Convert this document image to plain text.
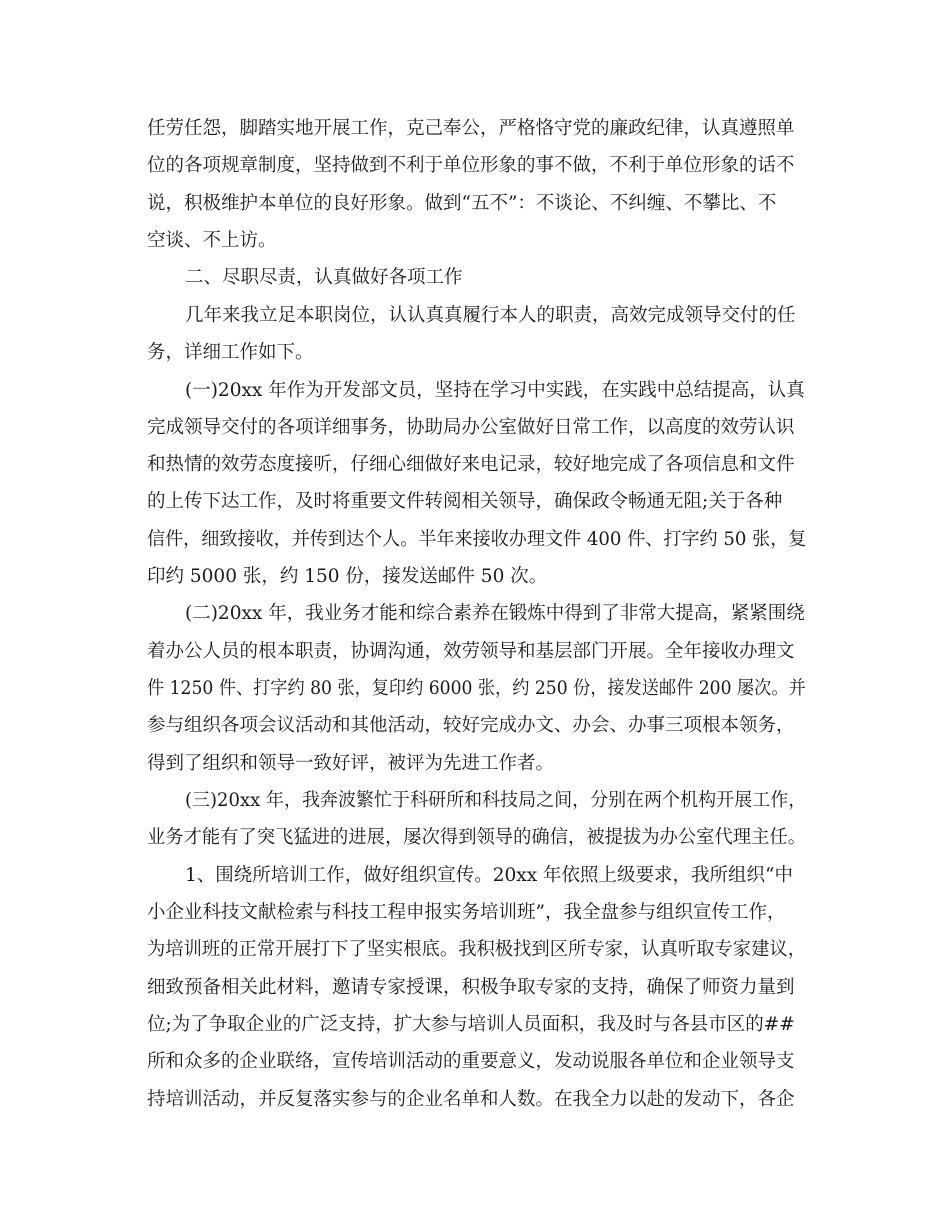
任劳任怨，脚踏实地开展工作，克己奉公，严格恪守党的廉政纪律，认真遵照单
位的各项规章制度，坚持做到不利于单位形象的事不做，不利于单位形象的话不
说，积极维护本单位的良好形象。做到“五不”：不谈论、不纠缠、不攀比、不
空谈、不上访。
二、尽职尽责，认真做好各项工作
几年来我立足本职岗位，认认真真履行本人的职责，高效完成领导交付的任
务，详细工作如下。
(一)20xx 年作为开发部文员，坚持在学习中实践，在实践中总结提高，认真
完成领导交付的各项详细事务，协助局办公室做好日常工作，以高度的效劳认识
和热情的效劳态度接听，仔细心细做好来电记录，较好地完成了各项信息和文件
的上传下达工作，及时将重要文件转阅相关领导，确保政令畅通无阻;关于各种
信件，细致接收，并传到达个人。半年来接收办理文件 400 件、打字约 50 张，复
印约 5000 张，约 150 份，接发送邮件 50 次。
(二)20xx 年，我业务才能和综合素养在锻炼中得到了非常大提高，紧紧围绕
着办公人员的根本职责，协调沟通，效劳领导和基层部门开展。全年接收办理文
件 1250 件、打字约 80 张，复印约 6000 张，约 250 份，接发送邮件 200 屡次。并
参与组织各项会议活动和其他活动，较好完成办文、办会、办事三项根本领务，
得到了组织和领导一致好评，被评为先进工作者。
(三)20xx 年，我奔波繁忙于科研所和科技局之间，分别在两个机构开展工作，
业务才能有了突飞猛进的进展，屡次得到领导的确信，被提拔为办公室代理主任。
1、围绕所培训工作，做好组织宣传。20xx 年依照上级要求，我所组织“中
小企业科技文献检索与科技工程申报实务培训班”，我全盘参与组织宣传工作，
为培训班的正常开展打下了坚实根底。我积极找到区所专家，认真听取专家建议，
细致预备相关此材料，邀请专家授课，积极争取专家的支持，确保了师资力量到
位;为了争取企业的广泛支持，扩大参与培训人员面积，我及时与各县市区的##
所和众多的企业联络，宣传培训活动的重要意义，发动说服各单位和企业领导支
持培训活动，并反复落实参与的企业名单和人数。在我全力以赴的发动下，各企
